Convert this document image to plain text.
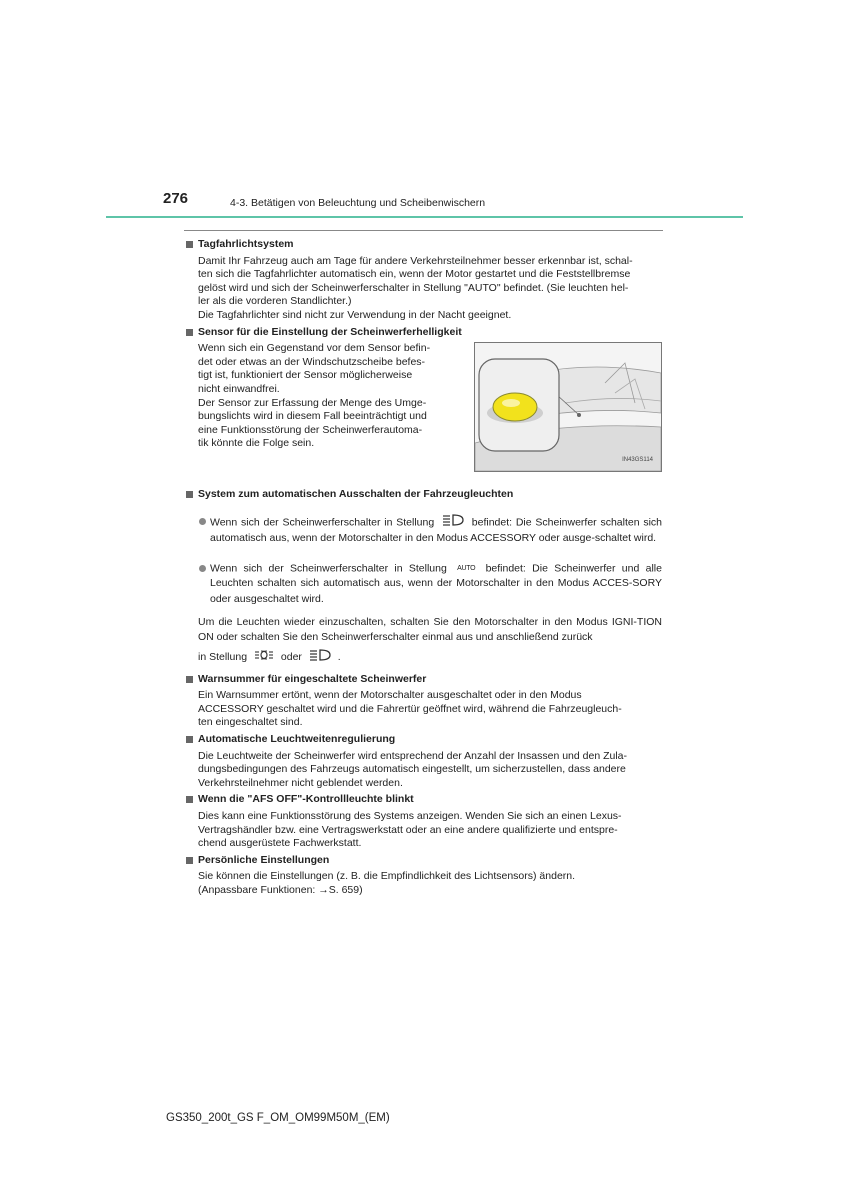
276	4-3. Betätigen von Beleuchtung und Scheibenwischern
Tagfahrlichtsystem

Damit Ihr Fahrzeug auch am Tage für andere Verkehrsteilnehmer besser erkennbar ist, schal-

ten sich die Tagfahrlichter automatisch ein, wenn der Motor gestartet und die Feststellbremse

gelöst wird und sich der Scheinwerferschalter in Stellung "AUTO" befindet. (Sie leuchten hel-

ler als die vorderen Standlichter.)

Die Tagfahrlichter sind nicht zur Verwendung in der Nacht geeignet.

Sensor für die Einstellung der Scheinwerferhelligkeit

Wenn sich ein Gegenstand vor dem Sensor befin-

det oder etwas an der Windschutzscheibe befes-

tigt ist, funktioniert der Sensor möglicherweise

nicht einwandfrei.

Der Sensor zur Erfassung der Menge des Umge-

bungslichts wird in diesem Fall beeinträchtigt und

eine Funktionsstörung der Scheinwerferautoma-

tik könnte die Folge sein.

IN43GS114
System zum automatischen Ausschalten der Fahrzeugleuchten
Wenn sich der Scheinwerferschalter in Stellung	befindet: Die Scheinwerfer schalten sich automatisch aus, wenn der Motorschalter in den Modus ACCESSORY oder ausge-schaltet wird.
Wenn sich der Scheinwerferschalter in Stellung AUTO befindet: Die Scheinwerfer und alle Leuchten schalten sich automatisch aus, wenn der Motorschalter in den Modus ACCES-SORY oder ausgeschaltet wird.
Um die Leuchten wieder einzuschalten, schalten Sie den Motorschalter in den Modus IGNI-TION ON oder schalten Sie den Scheinwerferschalter einmal aus und anschließend zurück
in Stellung	oder	.
Warnsummer für eingeschaltete Scheinwerfer

Ein Warnsummer ertönt, wenn der Motorschalter ausgeschaltet oder in den Modus

ACCESSORY geschaltet wird und die Fahrertür geöffnet wird, während die Fahrzeugleuch-

ten eingeschaltet sind.

Automatische Leuchtweitenregulierung

Die Leuchtweite der Scheinwerfer wird entsprechend der Anzahl der Insassen und den Zula-

dungsbedingungen des Fahrzeugs automatisch eingestellt, um sicherzustellen, dass andere

Verkehrsteilnehmer nicht geblendet werden.

Wenn die "AFS OFF"-Kontrollleuchte blinkt

Dies kann eine Funktionsstörung des Systems anzeigen. Wenden Sie sich an einen Lexus-

Vertragshändler bzw. eine Vertragswerkstatt oder an eine andere qualifizierte und entspre-

chend ausgerüstete Fachwerkstatt.

Persönliche Einstellungen

Sie können die Einstellungen (z. B. die Empfindlichkeit des Lichtsensors) ändern.

(Anpassbare Funktionen: →S. 659)

GS350_200t_GS F_OM_OM99M50M_(EM)
